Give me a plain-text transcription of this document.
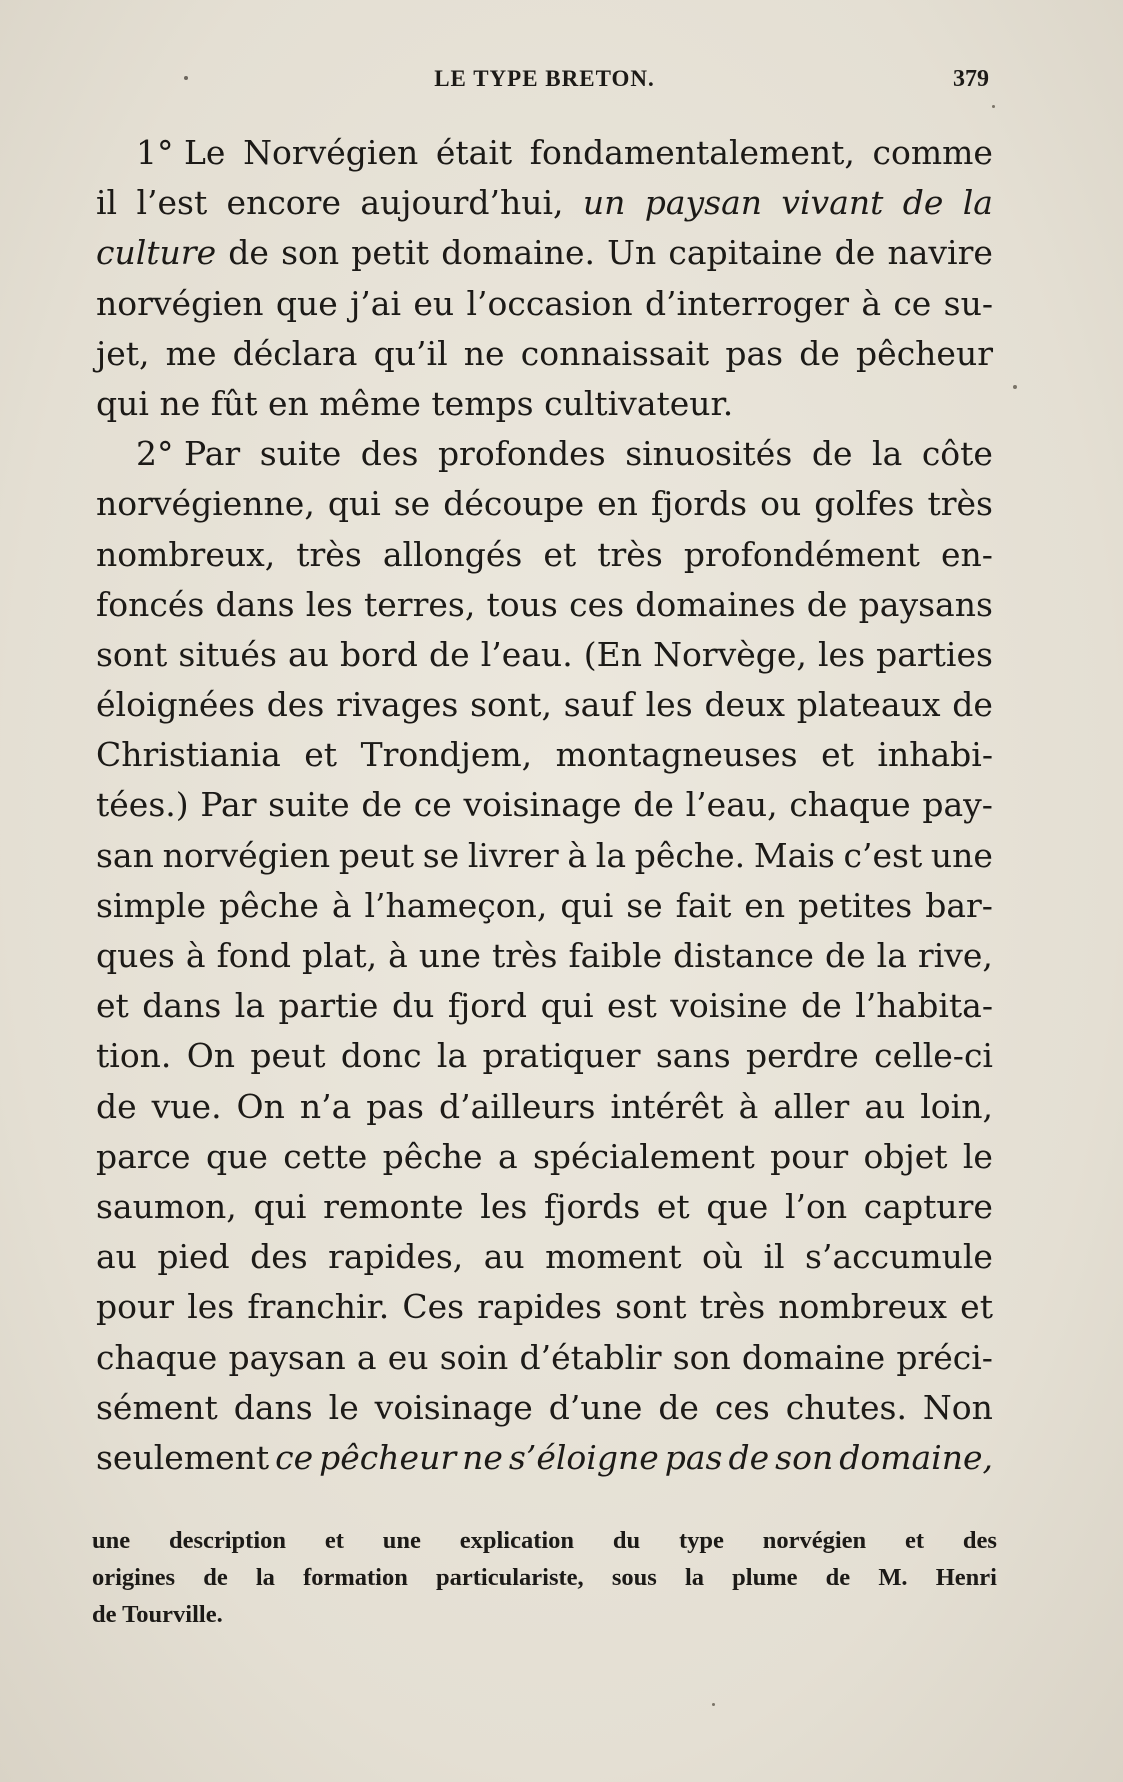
LE TYPE BRETON.	379
1° Le Norvégien était fondamentalement, comme
il l’est encore aujourd’hui, un paysan vivant de la
culture de son petit domaine. Un capitaine de navire
norvégien que j’ai eu l’occasion d’interroger à ce su-
jet, me déclara qu’il ne connaissait pas de pêcheur
qui
ne
fût
en
même
temps
cultivateur.
2° Par suite des profondes sinuosités de la côte
norvégienne, qui se découpe en fjords ou golfes très
nombreux, très allongés et très profondément en-
foncés dans les terres, tous ces domaines de paysans
sont situés au bord de l’eau. (En Norvège, les parties
éloignées des rivages sont, sauf les deux plateaux de
Christiania et Trondjem, montagneuses et inhabi-
tées.) Par suite de ce voisinage de l’eau, chaque pay-
san norvégien peut se livrer à la pêche. Mais c’est une
simple pêche à l’hameçon, qui se fait en petites bar-
ques à fond plat, à une très faible distance de la rive,
et dans la partie du fjord qui est voisine de l’habita-
tion. On peut donc la pratiquer sans perdre celle-ci
de vue. On n’a pas d’ailleurs intérêt à aller au loin,
parce que cette pêche a spécialement pour objet le
saumon, qui remonte les fjords et que l’on capture
au pied des rapides, au moment où il s’accumule
pour les franchir. Ces rapides sont très nombreux et
chaque paysan a eu soin d’établir son domaine préci-
sément dans le voisinage d’une de ces chutes. Non
seulement ce pêcheur ne s’éloigne pas de son domaine,
une description et une explication du type norvégien et des
origines de la formation particulariste, sous la plume de M. Henri
de Tourville.
